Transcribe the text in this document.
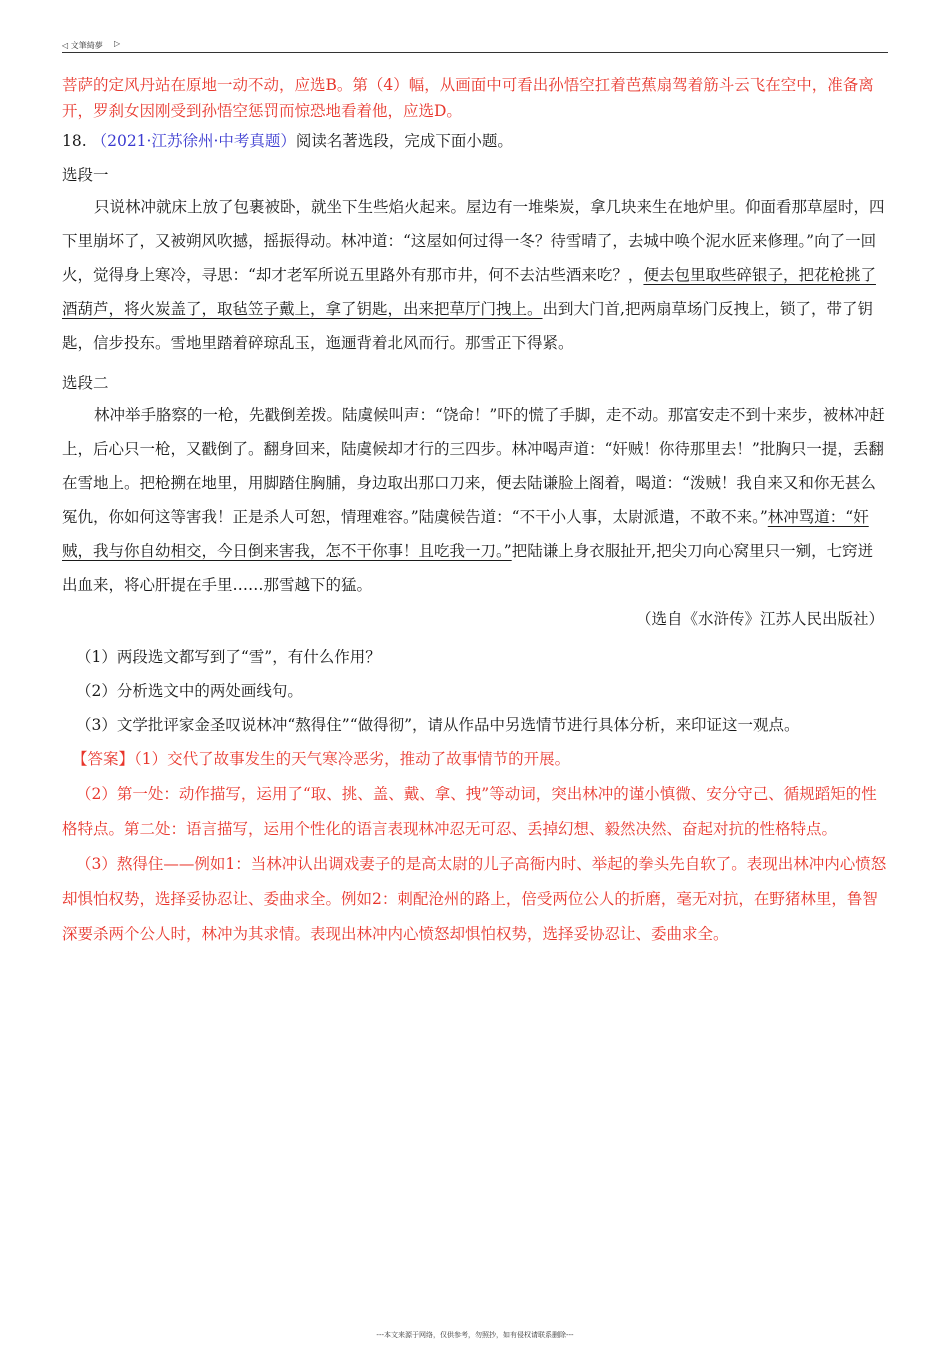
◁ 文筆綺夢 ▷

菩萨的定风丹站在原地一动不动，应选B。第（4）幅，从画面中可看出孙悟空扛着芭蕉扇驾着筋斗云飞在空中，准备离开，罗刹女因刚受到孙悟空惩罚而惊恐地看着他，应选D。

18. （2021·江苏徐州·中考真题）阅读名著选段，完成下面小题。

选段一

只说林冲就床上放了包裹被卧，就坐下生些焰火起来。屋边有一堆柴炭，拿几块来生在地炉里。仰面看那草屋时，四下里崩坏了，又被朔风吹撼，摇振得动。林冲道：“这屋如何过得一冬？待雪晴了，去城中唤个泥水匠来修理。”向了一回火，觉得身上寒冷，寻思：“却才老军所说五里路外有那市井，何不去沽些酒来吃？，便去包里取些碎银子，把花枪挑了酒葫芦，将火炭盖了，取毡笠子戴上，拿了钥匙，出来把草厅门拽上。出到大门首,把两扇草场门反拽上，锁了，带了钥匙，信步投东。雪地里踏着碎琼乱玉，迤逦背着北风而行。那雪正下得紧。

选段二

林冲举手胳察的一枪，先戳倒差拨。陆虞候叫声：“饶命！”吓的慌了手脚，走不动。那富安走不到十来步，被林冲赶上，后心只一枪，又戳倒了。翻身回来，陆虞候却才行的三四步。林冲喝声道：“奸贼！你待那里去！”批胸只一提，丢翻在雪地上。把枪搠在地里，用脚踏住胸脯，身边取出那口刀来，便去陆谦脸上阁着，喝道：“泼贼！我自来又和你无甚么冤仇，你如何这等害我！正是杀人可恕，情理难容。”陆虞候告道：“不干小人事，太尉派遣，不敢不来。”林冲骂道：“奸贼，我与你自幼相交，今日倒来害我，怎不干你事！且吃我一刀。”把陆谦上身衣服扯开,把尖刀向心窝里只一剜，七窍迸出血来，将心肝提在手里……那雪越下的猛。

（选自《水浒传》江苏人民出版社）

（1）两段选文都写到了“雪”，有什么作用？

（2）分析选文中的两处画线句。

（3）文学批评家金圣叹说林冲“熬得住”“做得彻”，请从作品中另选情节进行具体分析，来印证这一观点。

【答案】（1）交代了故事发生的天气寒冷恶劣，推动了故事情节的开展。

（2）第一处：动作描写，运用了“取、挑、盖、戴、拿、拽”等动词，突出林冲的谨小慎微、安分守己、循规蹈矩的性格特点。第二处：语言描写，运用个性化的语言表现林冲忍无可忍、丢掉幻想、毅然决然、奋起对抗的性格特点。

（3）熬得住——例如1：当林冲认出调戏妻子的是高太尉的儿子高衙内时、举起的拳头先自软了。表现出林冲内心愤怒却惧怕权势，选择妥协忍让、委曲求全。例如2：刺配沧州的路上，倍受两位公人的折磨，毫无对抗，在野猪林里，鲁智深要杀两个公人时，林冲为其求情。表现出林冲内心愤怒却惧怕权势，选择妥协忍让、委曲求全。

---本文来源于网络，仅供参考，勿照抄，如有侵权请联系删除---
